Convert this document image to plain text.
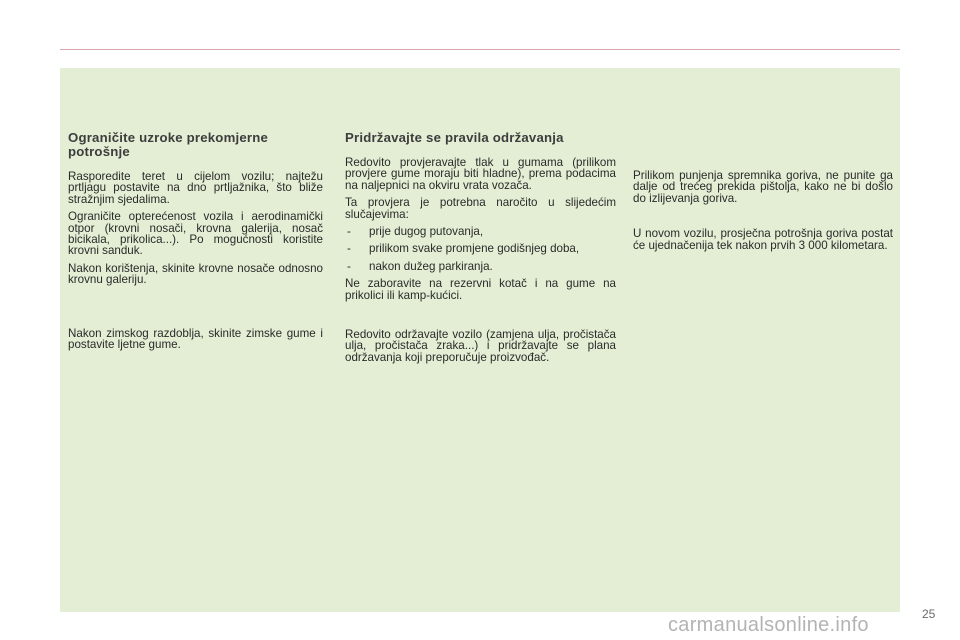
Ograničite uzroke prekomjerne potrošnje

Rasporedite teret u cijelom vozilu; najtežu prtljagu postavite na dno prtljažnika, što bliže stražnjim sjedalima.

Ograničite opterećenost vozila i aerodinamički otpor (krovni nosači, krovna galerija, nosač bicikala, prikolica...). Po mogućnosti koristite krovni sanduk.

Nakon korištenja, skinite krovne nosače odnosno krovnu galeriju.

Nakon zimskog razdoblja, skinite zimske gume i postavite ljetne gume.

Pridržavajte se pravila održavanja

Redovito provjeravajte tlak u gumama (prilikom provjere gume moraju biti hladne), prema podacima na naljepnici na okviru vrata vozača.

Ta provjera je potrebna naročito u slijedećim slučajevima:

- prije dugog putovanja,
- prilikom svake promjene godišnjeg doba,
- nakon dužeg parkiranja.

Ne zaboravite na rezervni kotač i na gume na prikolici ili kamp-kućici.

Redovito održavajte vozilo (zamjena ulja, pročistača ulja, pročistača zraka...) i pridržavajte se plana održavanja koji preporučuje proizvođač.

Prilikom punjenja spremnika goriva, ne punite ga dalje od trećeg prekida pištolja, kako ne bi došlo do izlijevanja goriva.

U novom vozilu, prosječna potrošnja goriva postat će ujednačenija tek nakon prvih 3 000 kilometara.

25
carmanualsonline.info
